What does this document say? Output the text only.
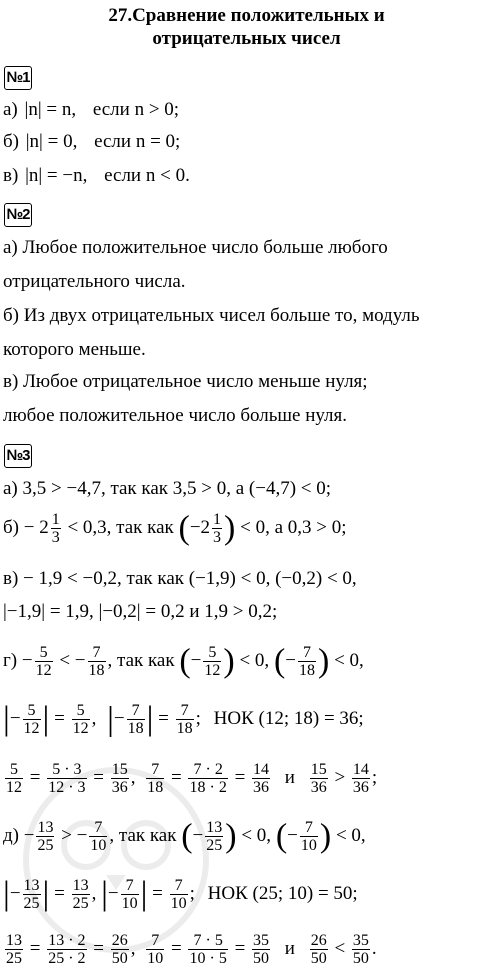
27.Сравнение положительных и
отрицательных чисел
№1
а) |n| = n, если n > 0;
б) |n| = 0, если n = 0;
в) |n| = −n, если n < 0.
№2
а) Любое положительное число больше любого
отрицательного числа.
б) Из двух отрицательных чисел больше то, модуль
которого меньше.
в) Любое отрицательное число меньше нуля;
любое положительное число больше нуля.
№3
а) 3,5 > −4,7, так как 3,5 > 0, а (−4,7) < 0;
$б) - 2 \frac{1}{3} < 0,3$, так как ($-2 \frac{1}{3}$ ) < 0, а 0,3 > 0;
в) − 1,9 < −0,2, так как (−1,9) < 0, (−0,2) < 0,
|−1,9| = 1,9, |−0,2| = 0,2 и 1,9 > 0,2;
$г) - \frac{5}{12}$ < − $\frac{7}{18}$ , так как (− $\frac{5}{12}$ ) < 0, (− $\frac{7}{18}$ ) < 0,
|− $\frac{5}{12}$ | = $\frac{5}{12}$ , |− $\frac{7}{18}$ | = $\frac{7}{18}$ ; НОК (12; 18) = 36;
$\frac{5}{12} = \frac{5 \cdot 3}{12 \cdot 3} = \frac{15}{36}$ , $\frac{7}{18} = \frac{7 \cdot 2}{18 \cdot 2} = \frac{14}{36}$ и $\frac{15}{36} > \frac{14}{36}$ ;
$д) - \frac{13}{25}$ > − $\frac{7}{10}$ , так как (− $\frac{13}{25}$ ) < 0, (− $\frac{7}{10}$ ) < 0,
|− $\frac{13}{25}$ | = $\frac{13}{25}$ , |− $\frac{7}{10}$ | = $\frac{7}{10}$ ; НОК (25; 10) = 50;
$\frac{13}{25} = \frac{13 \cdot 2}{25 \cdot 2} = \frac{26}{50}$ , $\frac{7}{10} = \frac{7 \cdot 5}{10 \cdot 5} = \frac{35}{50}$ и $\frac{26}{50} < \frac{35}{50}$ .
